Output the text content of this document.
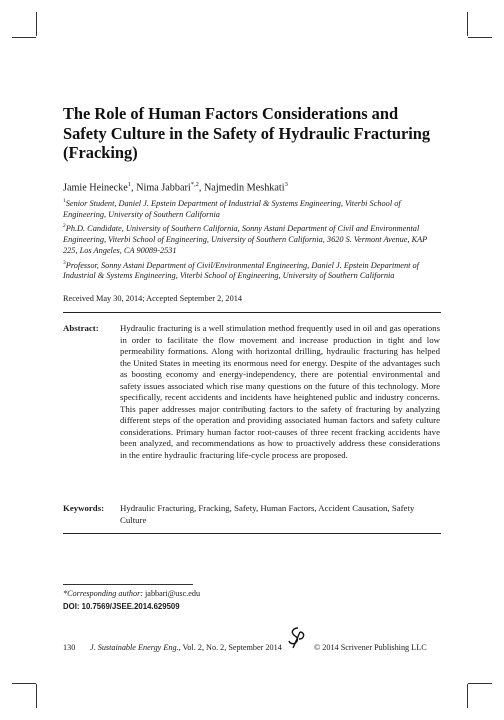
The Role of Human Factors Considerations and Safety Culture in the Safety of Hydraulic Fracturing (Fracking)
Jamie Heinecke$^1$, Nima Jabbari$^{*,2}$, Najmedin Meshkati$^3$

$^1$Senior Student, Daniel J. Epstein Department of Industrial & Systems Engineering, Viterbi School of Engineering, University of Southern California

$^2$Ph.D. Candidate, University of Southern California, Sonny Astani Department of Civil and Environmental Engineering, Viterbi School of Engineering, University of Southern California, 3620 S. Vermont Avenue, KAP 225, Los Angeles, CA 90089-2531

$^3$Professor, Sonny Astani Department of Civil/Environmental Engineering, Daniel J. Epstein Department of Industrial & Systems Engineering, Viterbi School of Engineering, University of Southern California

Received May 30, 2014; Accepted September 2, 2014
Abstract: Hydraulic fracturing is a well stimulation method frequently used in oil and gas operations in order to facilitate the flow movement and increase production in tight and low permeability formations. Along with horizontal drilling, hydraulic fracturing has helped the United States in meeting its enormous need for energy. Despite of the advantages such as boosting economy and energy-independency, there are potential environmental and safety issues associated which rise many questions on the future of this technology. More specifically, recent accidents and incidents have heightened public and industry concerns. This paper addresses major contributing factors to the safety of fracturing by analyzing different steps of the operation and providing associated human factors and safety culture considerations. Primary human factor root-causes of three recent fracking accidents have been analyzed, and recommendations as how to proactively address these considerations in the entire hydraulic fracturing life-cycle process are proposed.
Keywords: Hydraulic Fracturing, Fracking, Safety, Human Factors, Accident Causation, Safety Culture
*Corresponding author: jabbari@usc.edu
DOI: 10.7569/JSEE.2014.629509
130 J. Sustainable Energy Eng., Vol. 2, No. 2, September 2014	© 2014 Scrivener Publishing LLC
